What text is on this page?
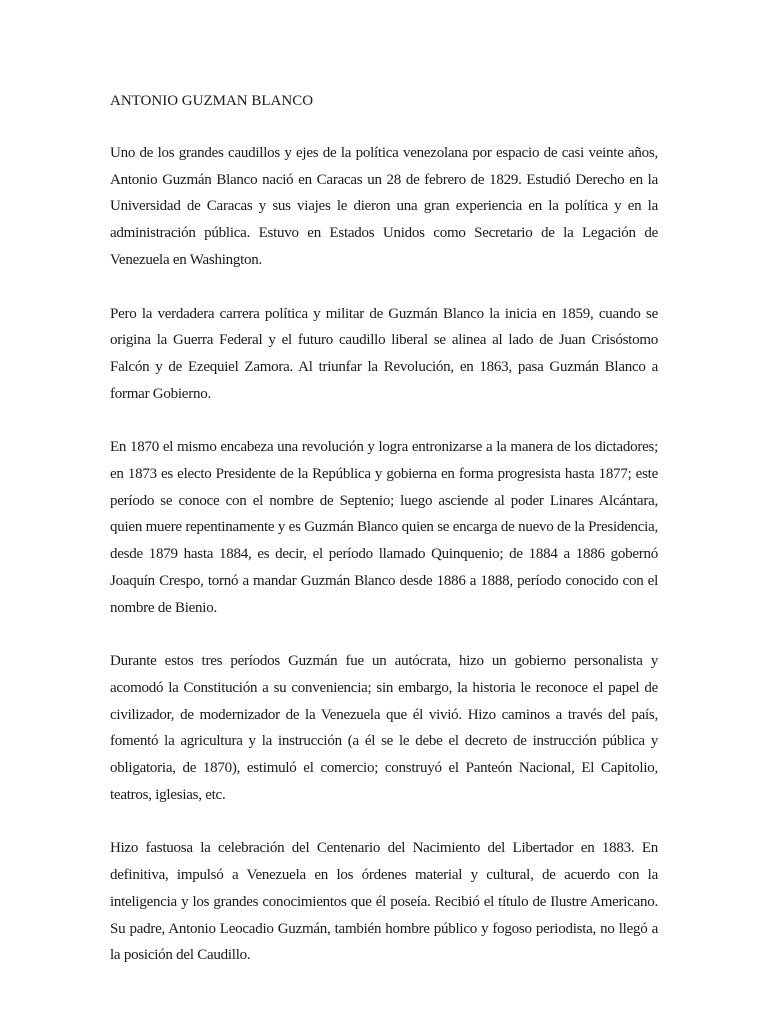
ANTONIO GUZMAN BLANCO

Uno de los grandes caudillos y ejes de la política venezolana por espacio de casi veinte años, Antonio Guzmán Blanco nació en Caracas un 28 de febrero de 1829. Estudió Derecho en la Universidad de Caracas y sus viajes le dieron una gran experiencia en la política y en la administración pública. Estuvo en Estados Unidos como Secretario de la Legación de Venezuela en Washington.

Pero la verdadera carrera política y militar de Guzmán Blanco la inicia en 1859, cuando se origina la Guerra Federal y el futuro caudillo liberal se alinea al lado de Juan Crisóstomo Falcón y de Ezequiel Zamora. Al triunfar la Revolución, en 1863, pasa Guzmán Blanco a formar Gobierno.

En 1870 el mismo encabeza una revolución y logra entronizarse a la manera de los dictadores; en 1873 es electo Presidente de la República y gobierna en forma progresista hasta 1877; este período se conoce con el nombre de Septenio; luego asciende al poder Linares Alcántara, quien muere repentinamente y es Guzmán Blanco quien se encarga de nuevo de la Presidencia, desde 1879 hasta 1884, es decir, el período llamado Quinquenio; de 1884 a 1886 gobernó Joaquín Crespo, tornó a mandar Guzmán Blanco desde 1886 a 1888, período conocido con el nombre de Bienio.

Durante estos tres períodos Guzmán fue un autócrata, hizo un gobierno personalista y acomodó la Constitución a su conveniencia; sin embargo, la historia le reconoce el papel de civilizador, de modernizador de la Venezuela que él vivió. Hizo caminos a través del país, fomentó la agricultura y la instrucción (a él se le debe el decreto de instrucción pública y obligatoria, de 1870), estimuló el comercio; construyó el Panteón Nacional, El Capitolio, teatros, iglesias, etc.

Hizo fastuosa la celebración del Centenario del Nacimiento del Libertador en 1883. En definitiva, impulsó a Venezuela en los órdenes material y cultural, de acuerdo con la inteligencia y los grandes conocimientos que él poseía. Recibió el título de Ilustre Americano. Su padre, Antonio Leocadio Guzmán, también hombre público y fogoso periodista, no llegó a la posición del Caudillo.
